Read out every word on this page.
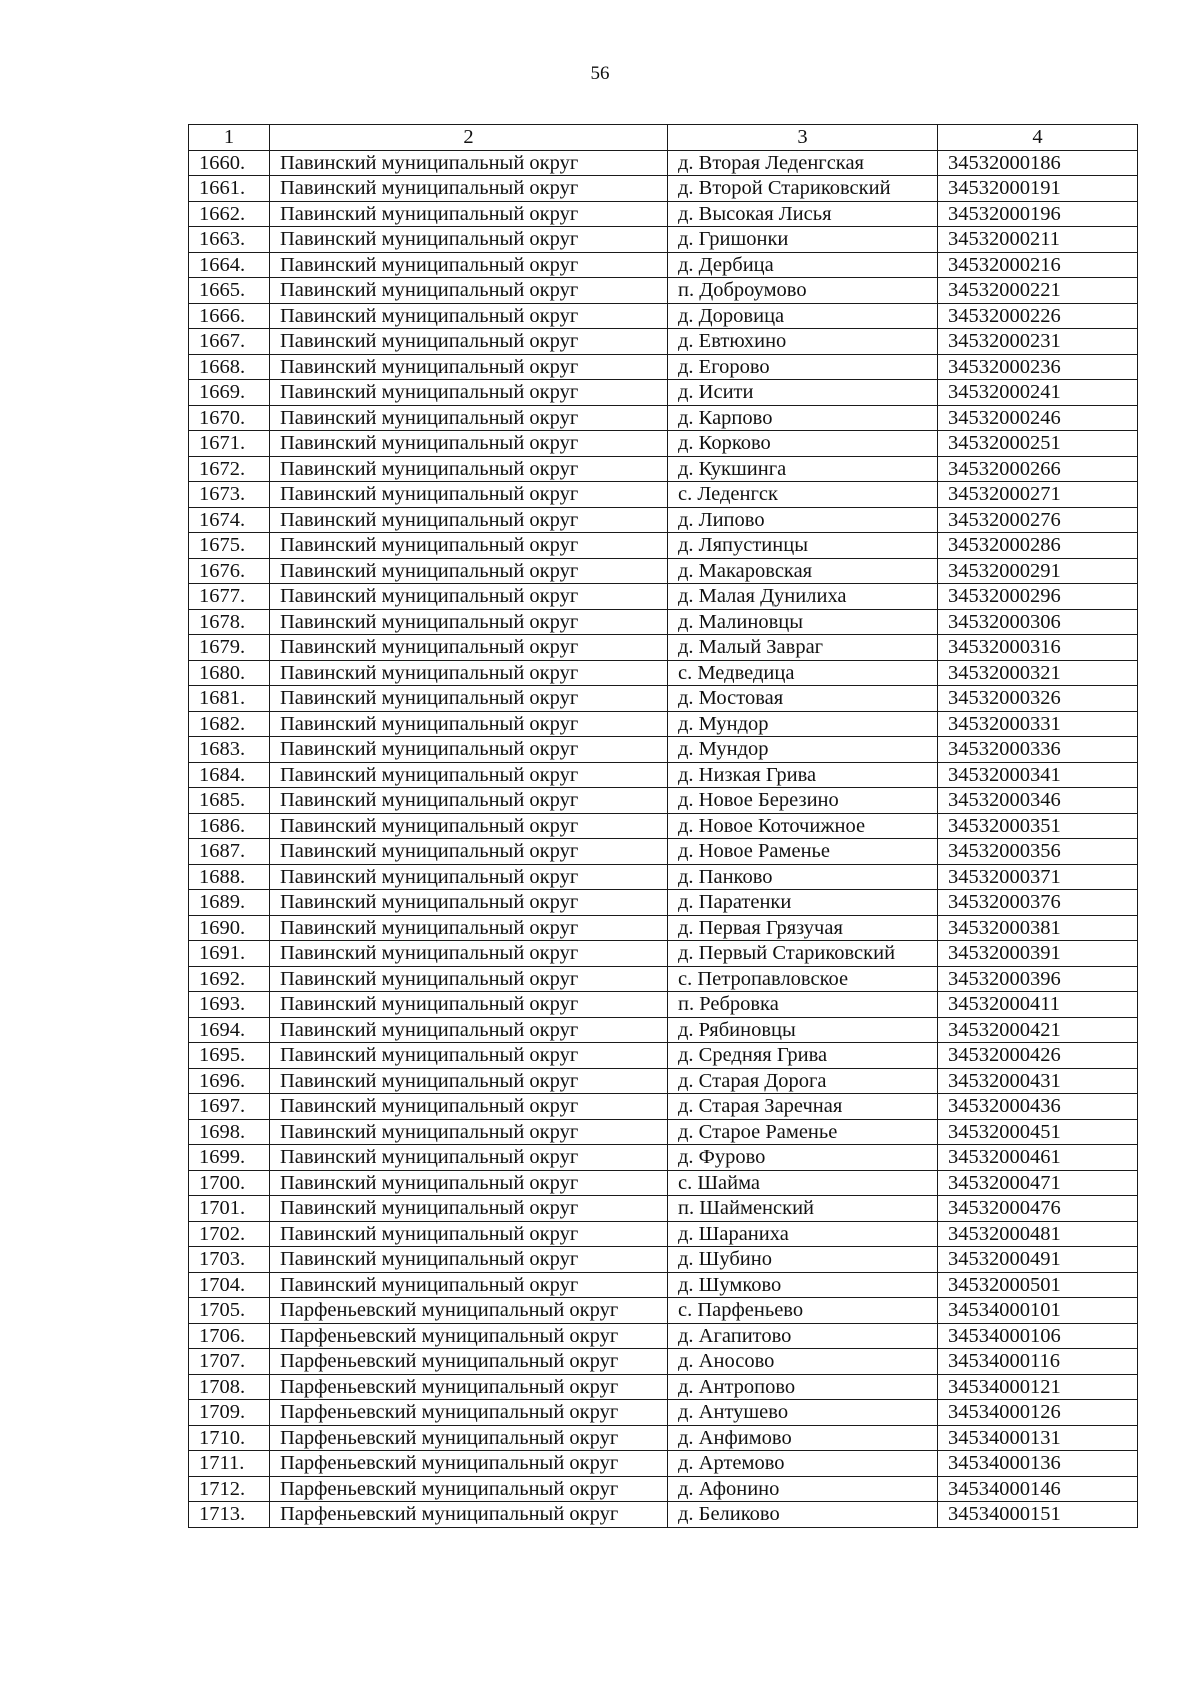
56
1	2	3	4
1660.	Павинский муниципальный округ	д. Вторая Леденгская	34532000186
1661.	Павинский муниципальный округ	д. Второй Стариковский	34532000191
1662.	Павинский муниципальный округ	д. Высокая Лисья	34532000196
1663.	Павинский муниципальный округ	д. Гришонки	34532000211
1664.	Павинский муниципальный округ	д. Дербица	34532000216
1665.	Павинский муниципальный округ	п. Доброумово	34532000221
1666.	Павинский муниципальный округ	д. Доровица	34532000226
1667.	Павинский муниципальный округ	д. Евтюхино	34532000231
1668.	Павинский муниципальный округ	д. Егорово	34532000236
1669.	Павинский муниципальный округ	д. Исити	34532000241
1670.	Павинский муниципальный округ	д. Карпово	34532000246
1671.	Павинский муниципальный округ	д. Корково	34532000251
1672.	Павинский муниципальный округ	д. Кукшинга	34532000266
1673.	Павинский муниципальный округ	с. Леденгск	34532000271
1674.	Павинский муниципальный округ	д. Липово	34532000276
1675.	Павинский муниципальный округ	д. Ляпустинцы	34532000286
1676.	Павинский муниципальный округ	д. Макаровская	34532000291
1677.	Павинский муниципальный округ	д. Малая Дунилиха	34532000296
1678.	Павинский муниципальный округ	д. Малиновцы	34532000306
1679.	Павинский муниципальный округ	д. Малый Завраг	34532000316
1680.	Павинский муниципальный округ	с. Медведица	34532000321
1681.	Павинский муниципальный округ	д. Мостовая	34532000326
1682.	Павинский муниципальный округ	д. Мундор	34532000331
1683.	Павинский муниципальный округ	д. Мундор	34532000336
1684.	Павинский муниципальный округ	д. Низкая Грива	34532000341
1685.	Павинский муниципальный округ	д. Новое Березино	34532000346
1686.	Павинский муниципальный округ	д. Новое Коточижное	34532000351
1687.	Павинский муниципальный округ	д. Новое Раменье	34532000356
1688.	Павинский муниципальный округ	д. Панково	34532000371
1689.	Павинский муниципальный округ	д. Паратенки	34532000376
1690.	Павинский муниципальный округ	д. Первая Грязучая	34532000381
1691.	Павинский муниципальный округ	д. Первый Стариковский	34532000391
1692.	Павинский муниципальный округ	с. Петропавловское	34532000396
1693.	Павинский муниципальный округ	п. Ребровка	34532000411
1694.	Павинский муниципальный округ	д. Рябиновцы	34532000421
1695.	Павинский муниципальный округ	д. Средняя Грива	34532000426
1696.	Павинский муниципальный округ	д. Старая Дорога	34532000431
1697.	Павинский муниципальный округ	д. Старая Заречная	34532000436
1698.	Павинский муниципальный округ	д. Старое Раменье	34532000451
1699.	Павинский муниципальный округ	д. Фурово	34532000461
1700.	Павинский муниципальный округ	с. Шайма	34532000471
1701.	Павинский муниципальный округ	п. Шайменский	34532000476
1702.	Павинский муниципальный округ	д. Шараниха	34532000481
1703.	Павинский муниципальный округ	д. Шубино	34532000491
1704.	Павинский муниципальный округ	д. Шумково	34532000501
1705.	Парфеньевский муниципальный округ	с. Парфеньево	34534000101
1706.	Парфеньевский муниципальный округ	д. Агапитово	34534000106
1707.	Парфеньевский муниципальный округ	д. Аносово	34534000116
1708.	Парфеньевский муниципальный округ	д. Антропово	34534000121
1709.	Парфеньевский муниципальный округ	д. Антушево	34534000126
1710.	Парфеньевский муниципальный округ	д. Анфимово	34534000131
1711.	Парфеньевский муниципальный округ	д. Артемово	34534000136
1712.	Парфеньевский муниципальный округ	д. Афонино	34534000146
1713.	Парфеньевский муниципальный округ	д. Беликово	34534000151
